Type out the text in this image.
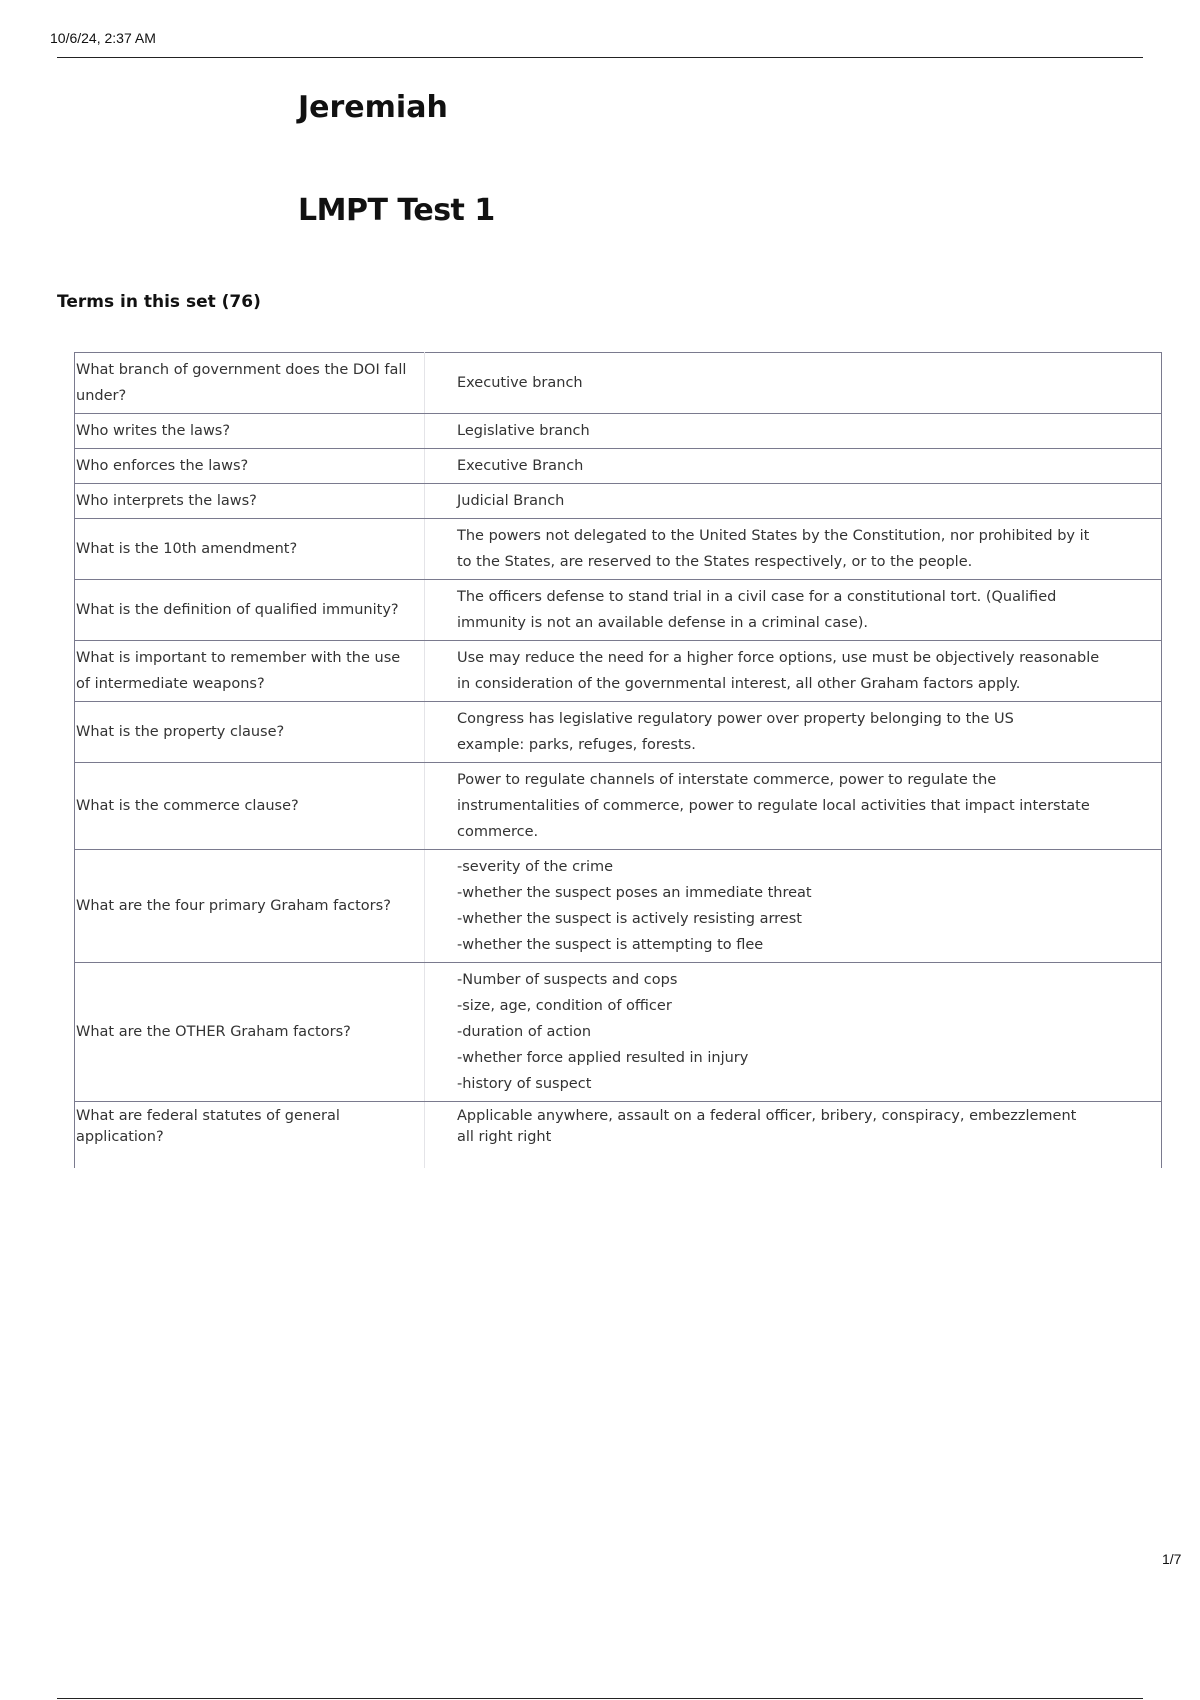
10/6/24, 2:37 AM
Jeremiah
LMPT Test 1
Terms in this set (76)
What branch of government does the DOI fall under?	Executive branch
Who writes the laws?	Legislative branch
Who enforces the laws?	Executive Branch
Who interprets the laws?	Judicial Branch
What is the 10th amendment?	The powers not delegated to the United States by the Constitution, nor prohibited by it to the States, are reserved to the States respectively, or to the people.
What is the definition of qualified immunity?	The officers defense to stand trial in a civil case for a constitutional tort. (Qualified immunity is not an available defense in a criminal case).
What is important to remember with the use of intermediate weapons?	Use may reduce the need for a higher force options, use must be objectively reasonable in consideration of the governmental interest, all other Graham factors apply.
What is the property clause?	Congress has legislative regulatory power over property belonging to the US
example: parks, refuges, forests.
What is the commerce clause?	Power to regulate channels of interstate commerce, power to regulate the instrumentalities of commerce, power to regulate local activities that impact interstate commerce.
What are the four primary Graham factors?	-severity of the crime
-whether the suspect poses an immediate threat
-whether the suspect is actively resisting arrest
-whether the suspect is attempting to flee
What are the OTHER Graham factors?	-Number of suspects and cops
-size, age, condition of officer
-duration of action
-whether force applied resulted in injury
-history of suspect
What are federal statutes of general application?	Applicable anywhere, assault on a federal officer, bribery, conspiracy, embezzlement
all right right
1/7
